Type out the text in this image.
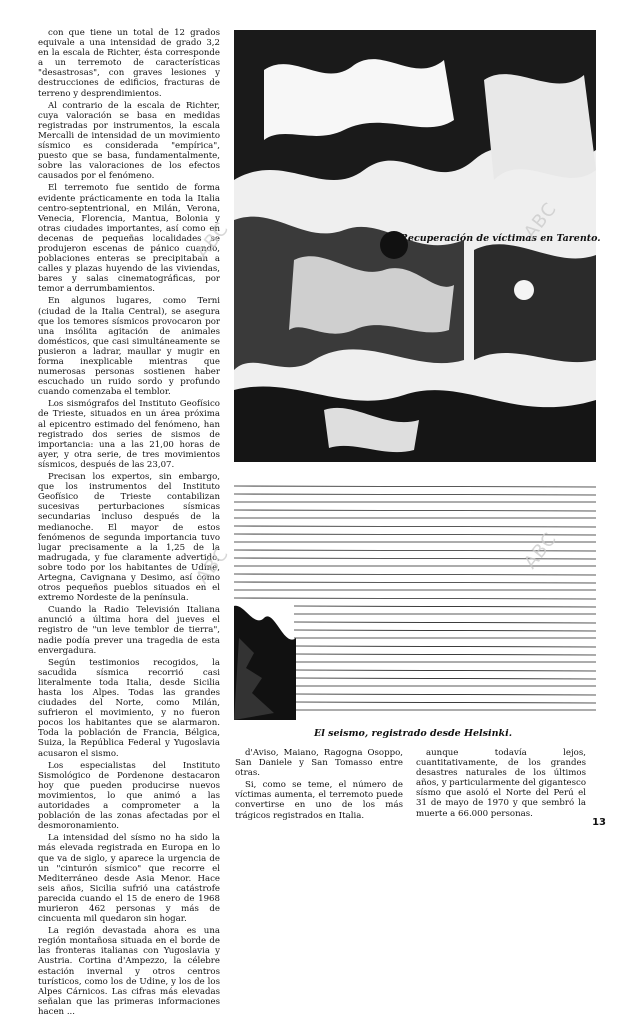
con que tiene un total de 12 grados equivale a una intensidad de grado 3,2 en la escala de Richter, ésta corresponde a un terremoto de características "desastrosas", con graves lesiones y destrucciones de edificios, fracturas de terreno y desprendimientos.

Al contrario de la escala de Richter, cuya valoración se basa en medidas registradas por instrumentos, la escala Mercalli de intensidad de un movimiento sísmico es considerada "empírica", puesto que se basa, fundamentalmente, sobre las valoraciones de los efectos causados por el fenómeno.

El terremoto fue sentido de forma evidente prácticamente en toda la Italia centro-septentrional, en Milán, Verona, Venecia, Florencia, Mantua, Bolonia y otras ciudades importantes, así como en decenas de pequeñas localidades se produjeron escenas de pánico cuando, poblaciones enteras se precipitaban a calles y plazas huyendo de las viviendas, bares y salas cinematográficas, por temor a derrumbamientos.

En algunos lugares, como Terni (ciudad de la Italia Central), se asegura que los temores sísmicos provocaron por una insólita agitación de animales domésticos, que casi simultáneamente se pusieron a ladrar, maullar y mugir en forma inexplicable mientras que numerosas personas sostienen haber escuchado un ruido sordo y profundo cuando comenzaba el temblor.

Los sismógrafos del Instituto Geofísico de Trieste, situados en un área próxima al epicentro estimado del fenómeno, han registrado dos series de sismos de importancia: una a las 21,00 horas de ayer, y otra serie, de tres movimientos sísmicos, después de las 23,07.

Precisan los expertos, sin embargo, que los instrumentos del Instituto Geofísico de Trieste contabilizan sucesivas perturbaciones sísmicas secundarias incluso después de la medianoche. El mayor de estos fenómenos de segunda importancia tuvo lugar precisamente a la 1,25 de la madrugada, y fue claramente advertido, sobre todo por los habitantes de Udine, Artegna, Cavignana y Desimo, así como otros pequeños pueblos situados en el extremo Nordeste de la península.

Cuando la Radio Televisión Italiana anunció a última hora del jueves el registro de "un leve temblor de tierra", nadie podía prever una tragedia de esta envergadura.

Según testimonios recogidos, la sacudida sísmica recorrió casi literalmente toda Italia, desde Sicilia hasta los Alpes. Todas las grandes ciudades del Norte, como Milán, sufrieron el movimiento, y no fueron pocos los habitantes que se alarmaron. Toda la población de Francia, Bélgica, Suiza, la República Federal y Yugoslavia acusaron el sismo.

Los especialistas del Instituto Sismológico de Pordenone destacaron hoy que pueden producirse nuevos movimientos, lo que animó a las autoridades a comprometer a la población de las zonas afectadas por el desmoronamiento.

La intensidad del sísmo no ha sido la más elevada registrada en Europa en lo que va de siglo, y aparece la urgencia de un "cinturón sísmico" que recorre el Mediterráneo desde Asia Menor. Hace seis años, Sicilia sufrió una catástrofe parecida cuando el 15 de enero de 1968 murieron 462 personas y más de cincuenta mil quedaron sin hogar.

La región devastada ahora es una región montañosa situada en el borde de las fronteras italianas con Yugoslavia y Austria. Cortina d'Ampezzo, la célebre estación invernal y otros centros turísticos, como los de Udine, y los de los Alpes Cárnicos. Las cifras más elevadas señalan que las primeras informaciones hacen ...

Recuperación de víctimas en Tarento.
El seismo, registrado desde Helsinki.

d'Aviso, Maiano, Ragogna Osoppo, San Daniele y San Tomasso entre otras.

Si, como se teme, el número de víctimas aumenta, el terremoto puede convertirse en uno de los más trágicos registrados en Italia.

aunque todavía lejos, cuantitativamente, de los grandes desastres naturales de los últimos años, y particularmente del gigantesco sísmo que asoló el Norte del Perú el 31 de mayo de 1970 y que sembró la muerte a 66.000 personas.

ABC	ABC
ABC	ABC
13
